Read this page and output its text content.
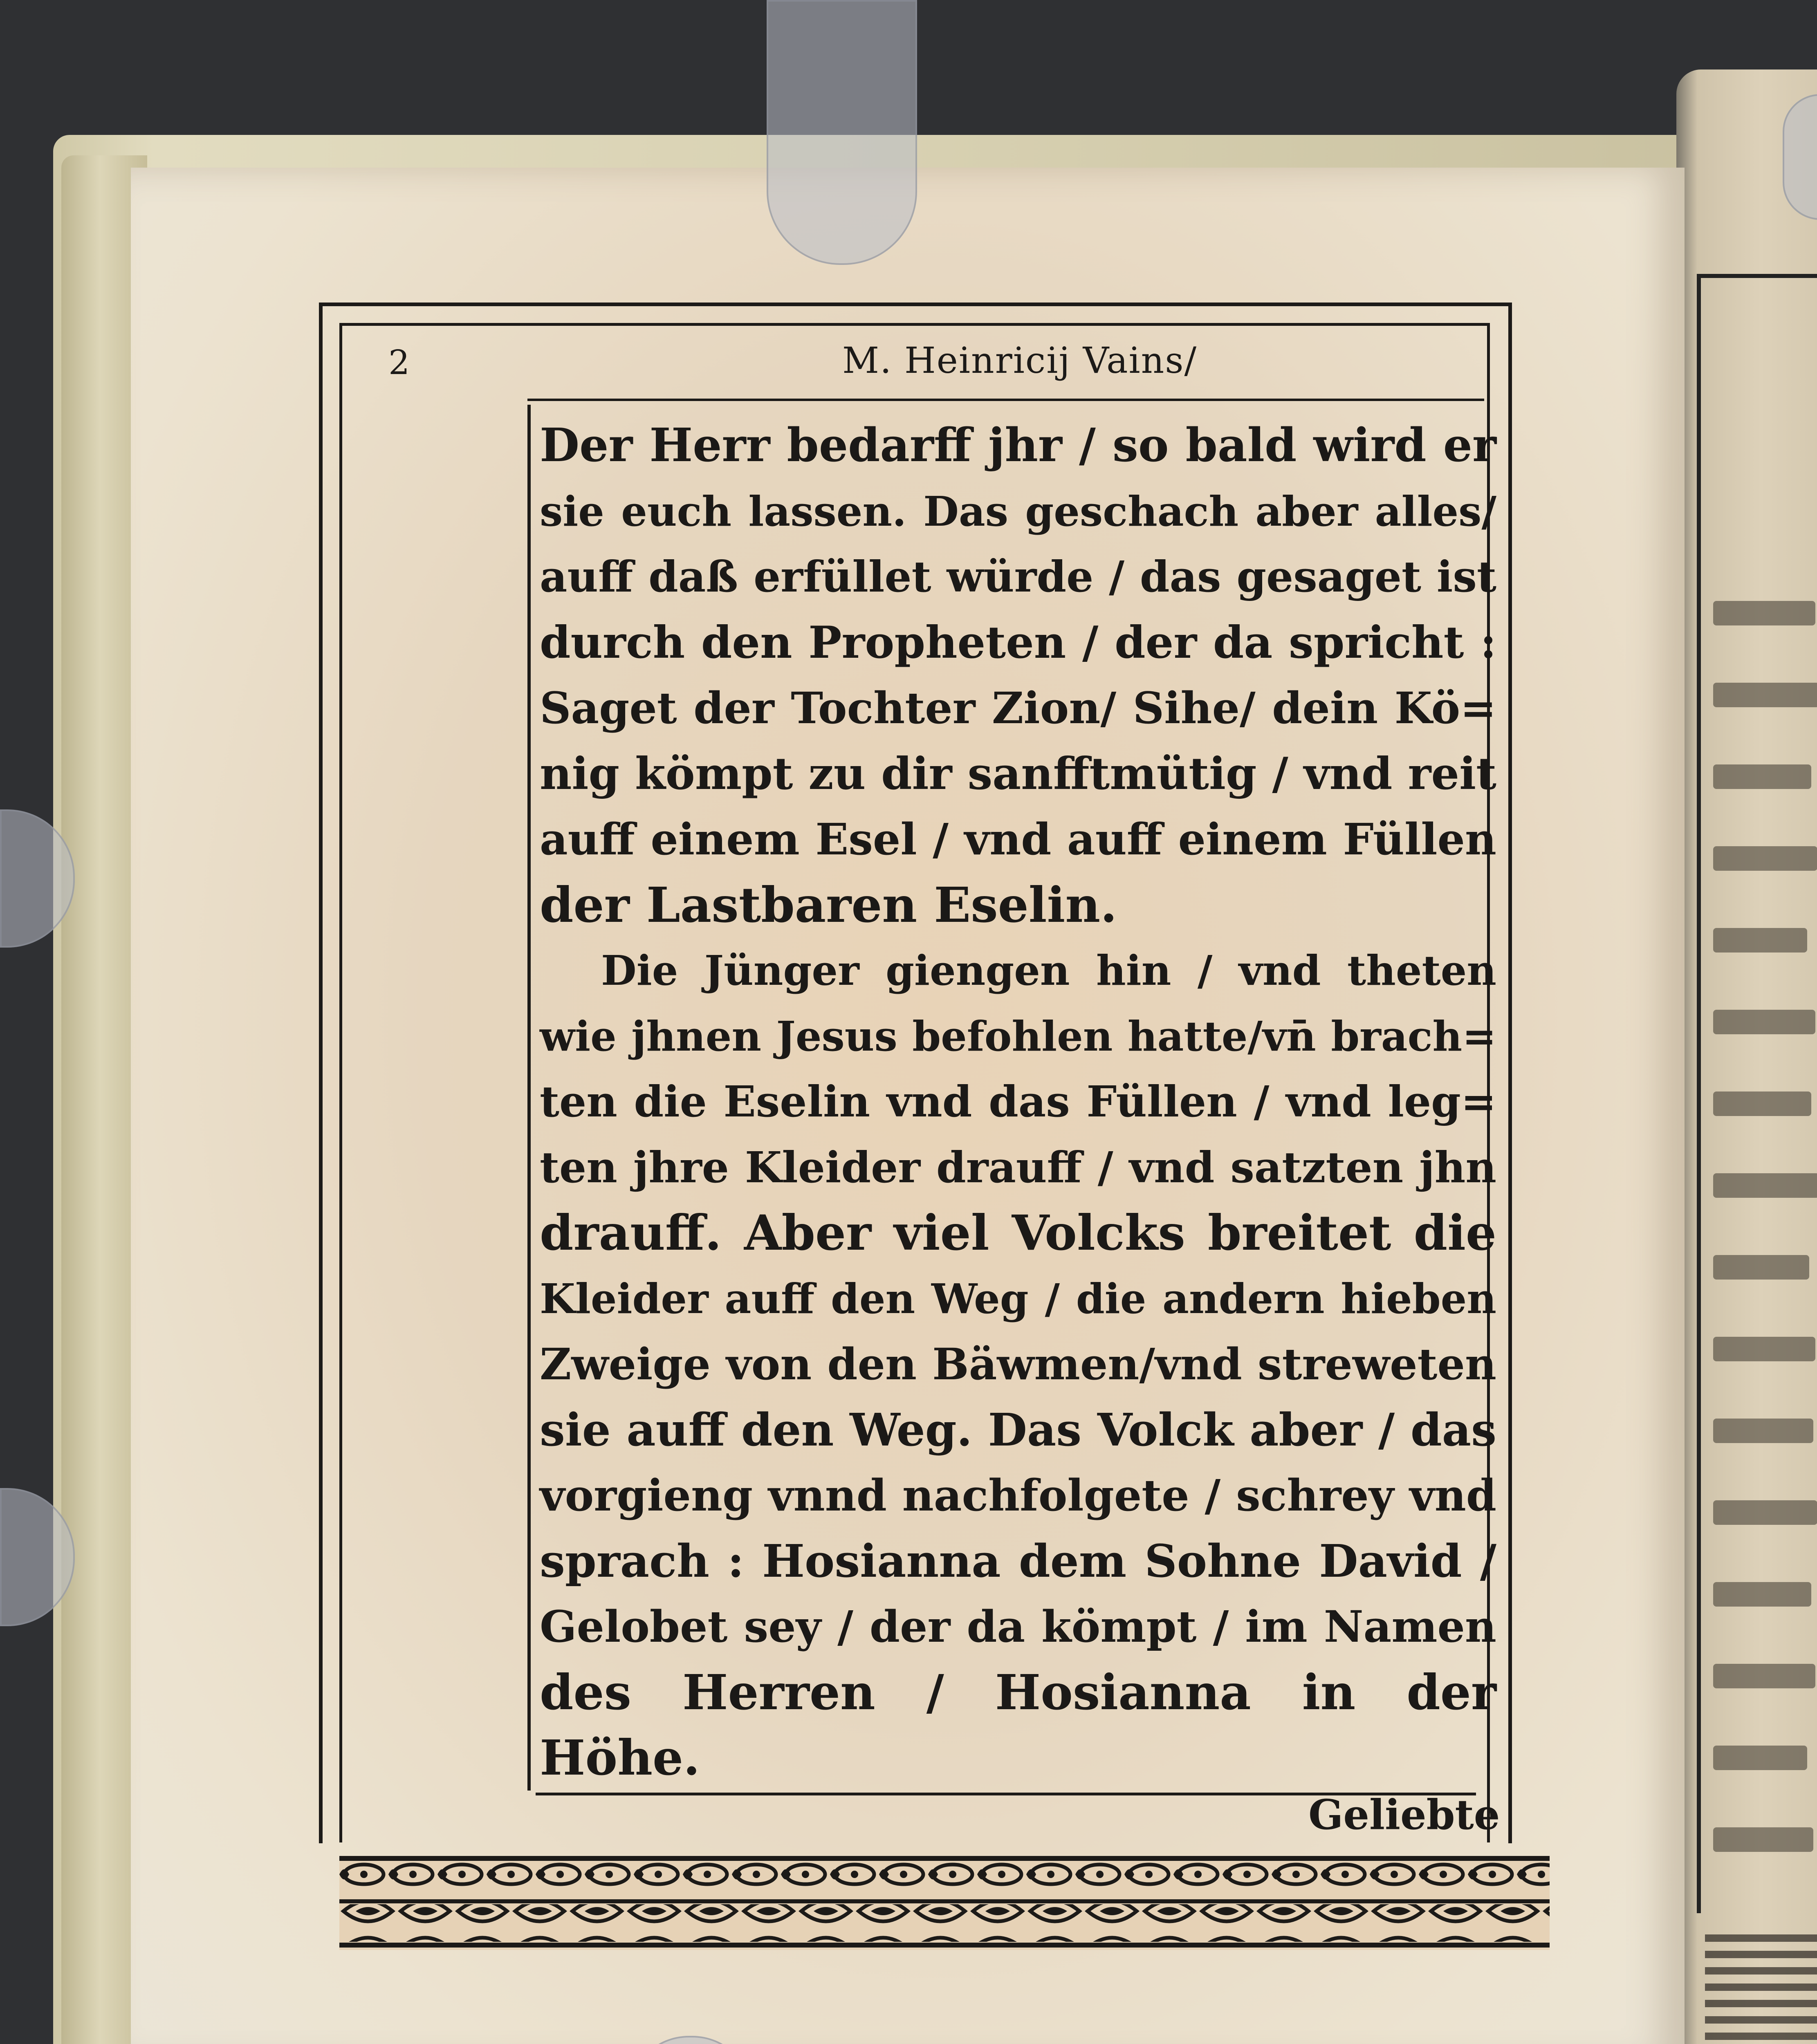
2	M. Heinricij Vains/
Der Herr bedarff jhr / so bald wird er
sie euch lassen. Das geschach aber alles/
auff daß erfüllet würde / das gesaget ist
durch den Propheten / der da spricht :
Saget der Tochter Zion/ Sihe/ dein Kö=
nig kömpt zu dir sanfftmütig / vnd reit
auff einem Esel / vnd auff einem Füllen
der Lastbaren Eselin.
Die Jünger giengen hin / vnd theten
wie jhnen Jesus befohlen hatte/vn̄ brach=
ten die Eselin vnd das Füllen / vnd leg=
ten jhre Kleider drauff / vnd satzten jhn
drauff. Aber viel Volcks breitet die
Kleider auff den Weg / die andern hieben
Zweige von den Bäwmen/vnd streweten
sie auff den Weg. Das Volck aber / das
vorgieng vnnd nachfolgete / schrey vnd
sprach : Hosianna dem Sohne David /
Gelobet sey / der da kömpt / im Namen
des Herren / Hosianna in der
Höhe.
Geliebte
